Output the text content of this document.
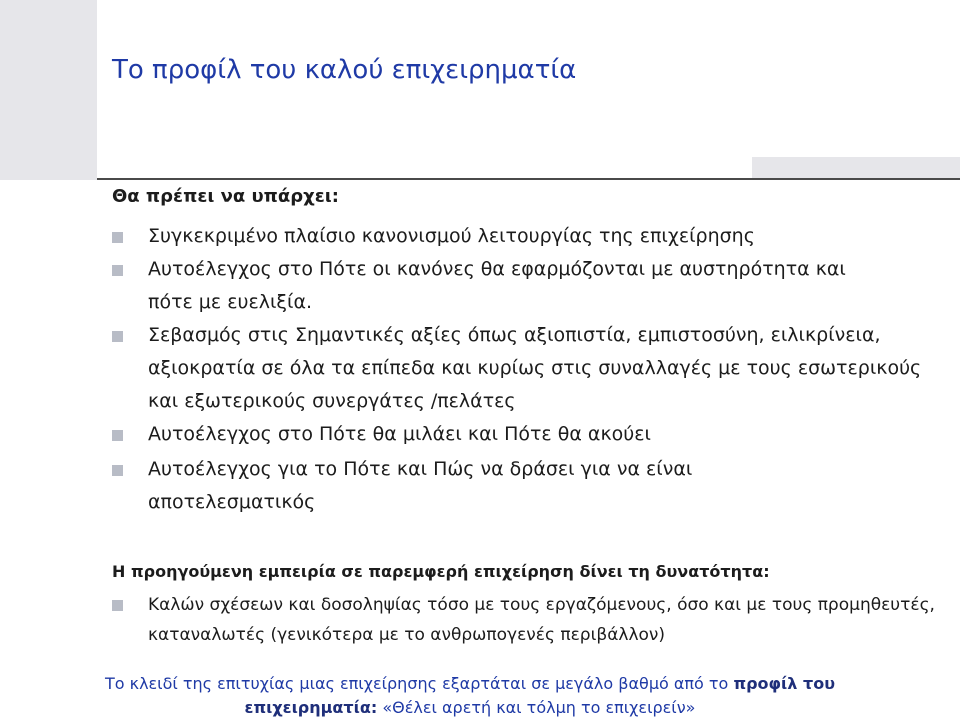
Το προφίλ του καλού επιχειρηματία
Θα πρέπει να υπάρχει:
Συγκεκριμένο πλαίσιο κανονισμού λειτουργίας της επιχείρησης
Αυτοέλεγχος στο Πότε οι κανόνες θα εφαρμόζονται με αυστηρότητα και πότε με ευελιξία.
Σεβασμός στις Σημαντικές αξίες όπως αξιοπιστία, εμπιστοσύνη, ειλικρίνεια, αξιοκρατία σε όλα τα επίπεδα και κυρίως στις συναλλαγές με τους εσωτερικούς και εξωτερικούς συνεργάτες /πελάτες
Αυτοέλεγχος στο Πότε θα μιλάει και Πότε θα ακούει
Αυτοέλεγχος για το Πότε και Πώς να δράσει για να είναι αποτελεσματικός
Η προηγούμενη εμπειρία σε παρεμφερή επιχείρηση δίνει τη δυνατότητα:
Καλών σχέσεων και δοσοληψίας τόσο με τους εργαζόμενους, όσο και με τους προμηθευτές, καταναλωτές (γενικότερα με το ανθρωπογενές περιβάλλον)
Το κλειδί της επιτυχίας μιας επιχείρησης εξαρτάται σε μεγάλο βαθμό από το προφίλ του επιχειρηματία: «Θέλει αρετή και τόλμη το επιχειρείν»
